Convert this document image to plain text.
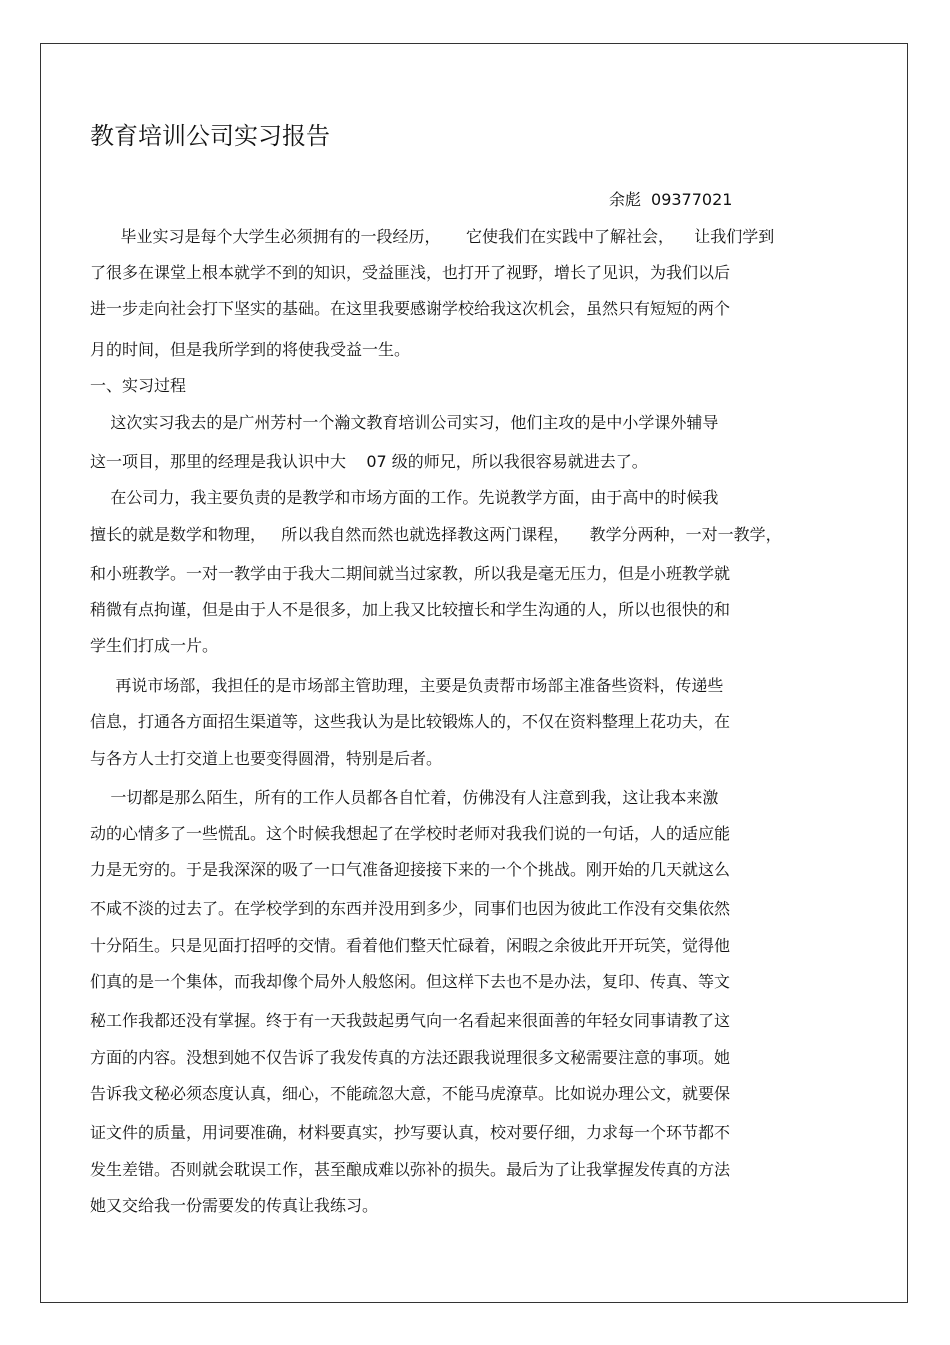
教育培训公司实习报告
余彪 09377021
毕业实习是每个大学生必须拥有的一段经历，     它使我们在实践中了解社会，    让我们学到
了很多在课堂上根本就学不到的知识，受益匪浅，也打开了视野，增长了见识，为我们以后
进一步走向社会打下坚实的基础。在这里我要感谢学校给我这次机会，虽然只有短短的两个
月的时间，但是我所学到的将使我受益一生。
一、实习过程
这次实习我去的是广州芳村一个瀚文教育培训公司实习，他们主攻的是中小学课外辅导
这一项目，那里的经理是我认识中大    07 级的师兄，所以我很容易就进去了。
在公司力，我主要负责的是教学和市场方面的工作。先说教学方面，由于高中的时候我
擅长的就是数学和物理，   所以我自然而然也就选择教这两门课程，    教学分两种，一对一教学，
和小班教学。一对一教学由于我大二期间就当过家教，所以我是毫无压力，但是小班教学就
稍微有点拘谨，但是由于人不是很多，加上我又比较擅长和学生沟通的人，所以也很快的和
学生们打成一片。
再说市场部，我担任的是市场部主管助理，主要是负责帮市场部主准备些资料，传递些
信息，打通各方面招生渠道等，这些我认为是比较锻炼人的，不仅在资料整理上花功夫，在
与各方人士打交道上也要变得圆滑，特别是后者。
一切都是那么陌生，所有的工作人员都各自忙着，仿佛没有人注意到我，这让我本来激
动的心情多了一些慌乱。这个时候我想起了在学校时老师对我我们说的一句话，人的适应能
力是无穷的。于是我深深的吸了一口气准备迎接接下来的一个个挑战。刚开始的几天就这么
不咸不淡的过去了。在学校学到的东西并没用到多少，同事们也因为彼此工作没有交集依然
十分陌生。只是见面打招呼的交情。看着他们整天忙碌着，闲暇之余彼此开开玩笑，觉得他
们真的是一个集体，而我却像个局外人般悠闲。但这样下去也不是办法，复印、传真、等文
秘工作我都还没有掌握。终于有一天我鼓起勇气向一名看起来很面善的年轻女同事请教了这
方面的内容。没想到她不仅告诉了我发传真的方法还跟我说理很多文秘需要注意的事项。她
告诉我文秘必须态度认真，细心，不能疏忽大意，不能马虎潦草。比如说办理公文，就要保
证文件的质量，用词要准确，材料要真实，抄写要认真，校对要仔细，力求每一个环节都不
发生差错。否则就会耽误工作，甚至酿成难以弥补的损失。最后为了让我掌握发传真的方法
她又交给我一份需要发的传真让我练习。
